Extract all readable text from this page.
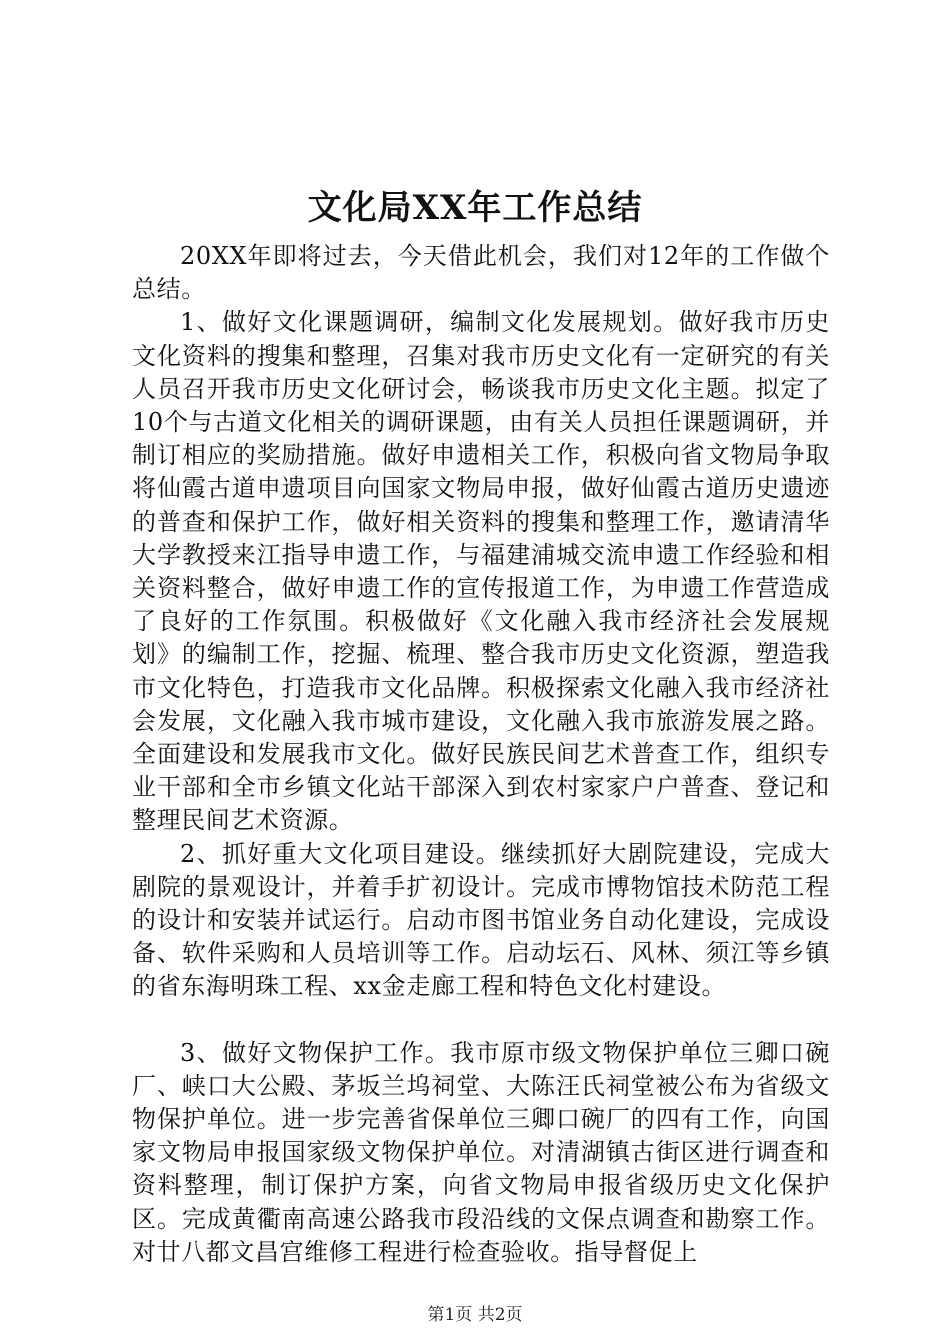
文化局XX年工作总结

20XX年即将过去，今天借此机会，我们对12年的工作做个总结。

1、做好文化课题调研，编制文化发展规划。做好我市历史文化资料的搜集和整理，召集对我市历史文化有一定研究的有关人员召开我市历史文化研讨会，畅谈我市历史文化主题。拟定了10个与古道文化相关的调研课题，由有关人员担任课题调研，并制订相应的奖励措施。做好申遗相关工作，积极向省文物局争取将仙霞古道申遗项目向国家文物局申报，做好仙霞古道历史遗迹的普查和保护工作，做好相关资料的搜集和整理工作，邀请清华大学教授来江指导申遗工作，与福建浦城交流申遗工作经验和相关资料整合，做好申遗工作的宣传报道工作，为申遗工作营造成了良好的工作氛围。积极做好《文化融入我市经济社会发展规划》的编制工作，挖掘、梳理、整合我市历史文化资源，塑造我市文化特色，打造我市文化品牌。积极探索文化融入我市经济社会发展，文化融入我市城市建设，文化融入我市旅游发展之路。全面建设和发展我市文化。做好民族民间艺术普查工作，组织专业干部和全市乡镇文化站干部深入到农村家家户户普查、登记和整理民间艺术资源。

2、抓好重大文化项目建设。继续抓好大剧院建设，完成大剧院的景观设计，并着手扩初设计。完成市博物馆技术防范工程的设计和安装并试运行。启动市图书馆业务自动化建设，完成设备、软件采购和人员培训等工作。启动坛石、风林、须江等乡镇的省东海明珠工程、xx金走廊工程和特色文化村建设。

3、做好文物保护工作。我市原市级文物保护单位三卿口碗厂、峡口大公殿、茅坂兰坞祠堂、大陈汪氏祠堂被公布为省级文物保护单位。进一步完善省保单位三卿口碗厂的四有工作，向国家文物局申报国家级文物保护单位。对清湖镇古街区进行调查和资料整理，制订保护方案，向省文物局申报省级历史文化保护区。完成黄衢南高速公路我市段沿线的文保点调查和勘察工作。对廿八都文昌宫维修工程进行检查验收。指导督促上

第1页 共2页
